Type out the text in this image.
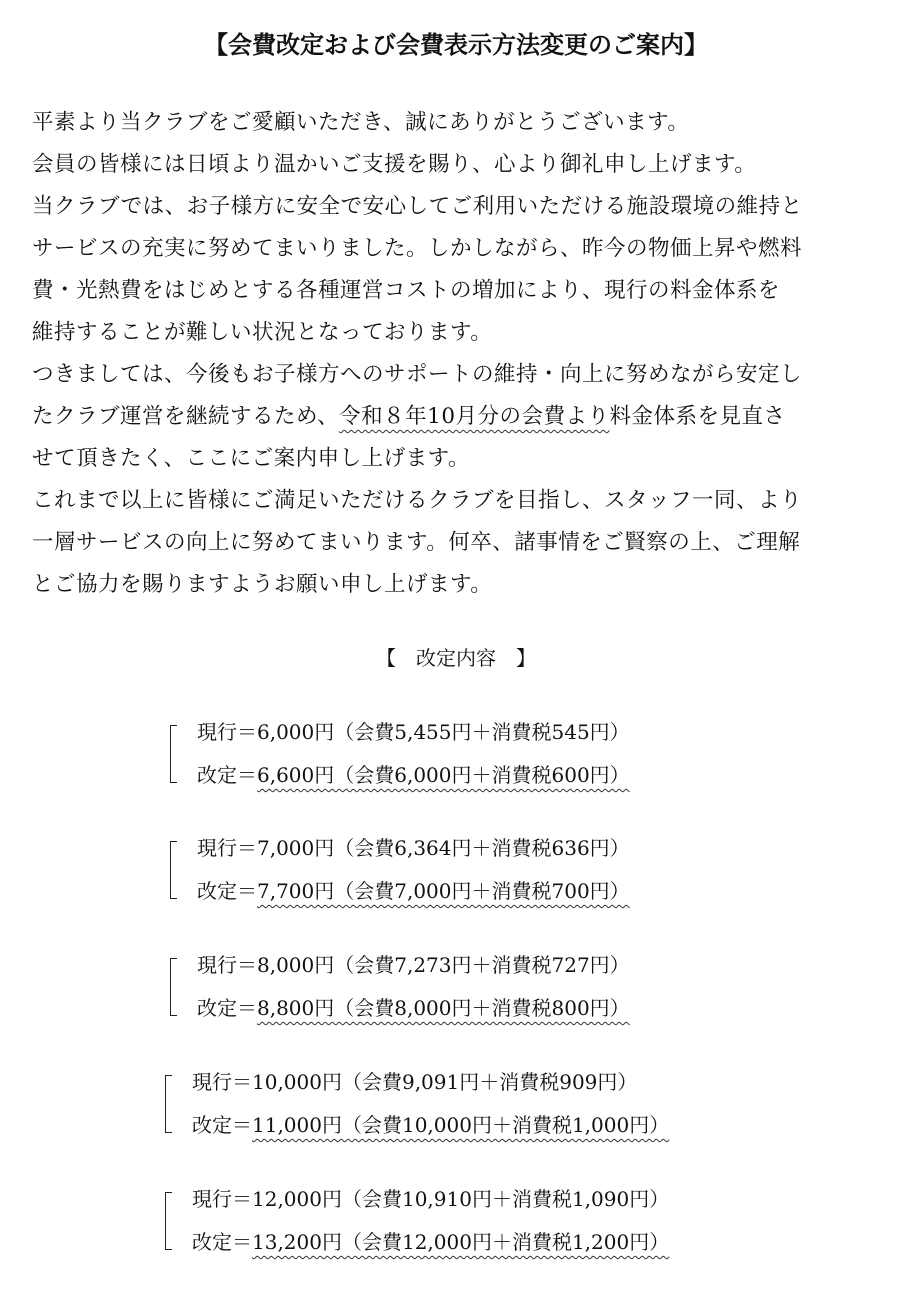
【会費改定および会費表示方法変更のご案内】
平素より当クラブをご愛顧いただき、誠にありがとうございます。
会員の皆様には日頃より温かいご支援を賜り、心より御礼申し上げます。
当クラブでは、お子様方に安全で安心してご利用いただける施設環境の維持と
サービスの充実に努めてまいりました。しかしながら、昨今の物価上昇や燃料
費・光熱費をはじめとする各種運営コストの増加により、現行の料金体系を
維持することが難しい状況となっております。
つきましては、今後もお子様方へのサポートの維持・向上に努めながら安定し
たクラブ運営を継続するため、令和８年10月分の会費より料金体系を見直さ
せて頂きたく、ここにご案内申し上げます。
これまで以上に皆様にご満足いただけるクラブを目指し、スタッフ一同、より
一層サービスの向上に努めてまいります。何卒、諸事情をご賢察の上、ご理解
とご協力を賜りますようお願い申し上げます。
【　改定内容　】
現行＝6,000円（会費5,455円＋消費税545円）
改定＝6,600円（会費6,000円＋消費税600円）
現行＝7,000円（会費6,364円＋消費税636円）
改定＝7,700円（会費7,000円＋消費税700円）
現行＝8,000円（会費7,273円＋消費税727円）
改定＝8,800円（会費8,000円＋消費税800円）
現行＝10,000円（会費9,091円＋消費税909円）
改定＝11,000円（会費10,000円＋消費税1,000円）
現行＝12,000円（会費10,910円＋消費税1,090円）
改定＝13,200円（会費12,000円＋消費税1,200円）
